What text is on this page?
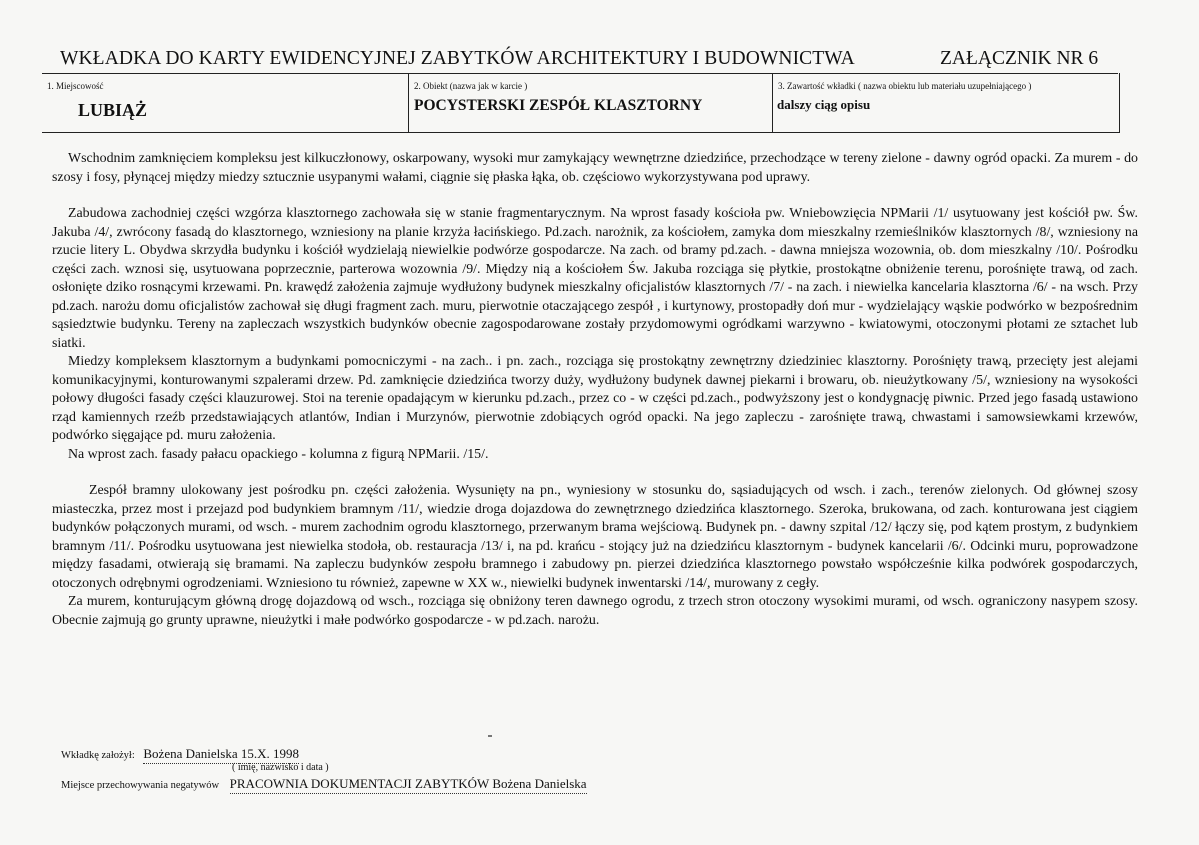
WKŁADKA DO KARTY EWIDENCYJNEJ ZABYTKÓW ARCHITEKTURY I BUDOWNICTWA	ZAŁĄCZNIK NR 6
1. Miejscowość
LUBIĄŻ
2. Obiekt (nazwa jak w karcie )
POCYSTERSKI ZESPÓŁ KLASZTORNY
3. Zawartość wkładki ( nazwa obiektu lub materiału uzupełniającego )
dalszy ciąg opisu

Wschodnim zamknięciem kompleksu jest kilkuczłonowy, oskarpowany, wysoki mur zamykający wewnętrzne dziedzińce, przechodzące w tereny zielone - dawny ogród opacki. Za murem - do szosy i fosy, płynącej między miedzy sztucznie usypanymi wałami, ciągnie się płaska łąka, ob. częściowo wykorzystywana pod uprawy.

Zabudowa zachodniej części wzgórza klasztornego zachowała się w stanie fragmentarycznym. Na wprost fasady kościoła pw. Wniebowzięcia NPMarii /1/ usytuowany jest kościół pw. Św. Jakuba /4/, zwrócony fasadą do klasztornego, wzniesiony na planie krzyża łacińskiego. Pd.zach. narożnik, za kościołem, zamyka dom mieszkalny rzemieślników klasztornych /8/, wzniesiony na rzucie litery L. Obydwa skrzydła budynku i kościół wydzielają niewielkie podwórze gospodarcze. Na zach. od bramy pd.zach. - dawna mniejsza wozownia, ob. dom mieszkalny /10/. Pośrodku części zach. wznosi się, usytuowana poprzecznie, parterowa wozownia /9/. Między nią a kościołem Św. Jakuba rozciąga się płytkie, prostokątne obniżenie terenu, porośnięte trawą, od zach. osłonięte dziko rosnącymi krzewami. Pn. krawędź założenia zajmuje wydłużony budynek mieszkalny oficjalistów klasztornych /7/ - na zach. i niewielka kancelaria klasztorna /6/ - na wsch. Przy pd.zach. narożu domu oficjalistów zachował się długi fragment zach. muru, pierwotnie otaczającego zespół , i kurtynowy, prostopadły doń mur - wydzielający wąskie podwórko w bezpośrednim sąsiedztwie budynku. Tereny na zapleczach wszystkich budynków obecnie zagospodarowane zostały przydomowymi ogródkami warzywno - kwiatowymi, otoczonymi płotami ze sztachet lub siatki.

Miedzy kompleksem klasztornym a budynkami pomocniczymi - na zach.. i pn. zach., rozciąga się prostokątny zewnętrzny dziedziniec klasztorny. Porośnięty trawą, przecięty jest alejami komunikacyjnymi, konturowanymi szpalerami drzew. Pd. zamknięcie dziedzińca tworzy duży, wydłużony budynek dawnej piekarni i browaru, ob. nieużytkowany /5/, wzniesiony na wysokości połowy długości fasady części klauzurowej. Stoi na terenie opadającym w kierunku pd.zach., przez co - w części pd.zach., podwyższony jest o kondygnację piwnic. Przed jego fasadą ustawiono rząd kamiennych rzeźb przedstawiających atlantów, Indian i Murzynów, pierwotnie zdobiących ogród opacki. Na jego zapleczu - zarośnięte trawą, chwastami i samowsiewkami krzewów, podwórko sięgające pd. muru założenia.

Na wprost zach. fasady pałacu opackiego - kolumna z figurą NPMarii. /15/.

Zespół bramny ulokowany jest pośrodku pn. części założenia. Wysunięty na pn., wyniesiony w stosunku do, sąsiadujących od wsch. i zach., terenów zielonych. Od głównej szosy miasteczka, przez most i przejazd pod budynkiem bramnym /11/, wiedzie droga dojazdowa do zewnętrznego dziedzińca klasztornego. Szeroka, brukowana, od zach. konturowana jest ciągiem budynków połączonych murami, od wsch. - murem zachodnim ogrodu klasztornego, przerwanym brama wejściową. Budynek pn. - dawny szpital /12/ łączy się, pod kątem prostym, z budynkiem bramnym /11/. Pośrodku usytuowana jest niewielka stodoła, ob. restauracja /13/ i, na pd. krańcu - stojący już na dziedzińcu klasztornym - budynek kancelarii /6/. Odcinki muru, poprowadzone między fasadami, otwierają się bramami. Na zapleczu budynków zespołu bramnego i zabudowy pn. pierzei dziedzińca klasztornego powstało współcześnie kilka podwórek gospodarczych, otoczonych odrębnymi ogrodzeniami. Wzniesiono tu również, zapewne w XX w., niewielki budynek inwentarski /14/, murowany z cegły.

Za murem, konturującym główną drogę dojazdową od wsch., rozciąga się obniżony teren dawnego ogrodu, z trzech stron otoczony wysokimi murami, od wsch. ograniczony nasypem szosy. Obecnie zajmują go grunty uprawne, nieużytki i małe podwórko gospodarcze - w pd.zach. narożu.

Wkładkę założył: Bożena Danielska 15.X. 1998
( imię, nazwisko i data )
Miejsce przechowywania negatywów PRACOWNIA DOKUMENTACJI ZABYTKÓW Bożena Danielska
